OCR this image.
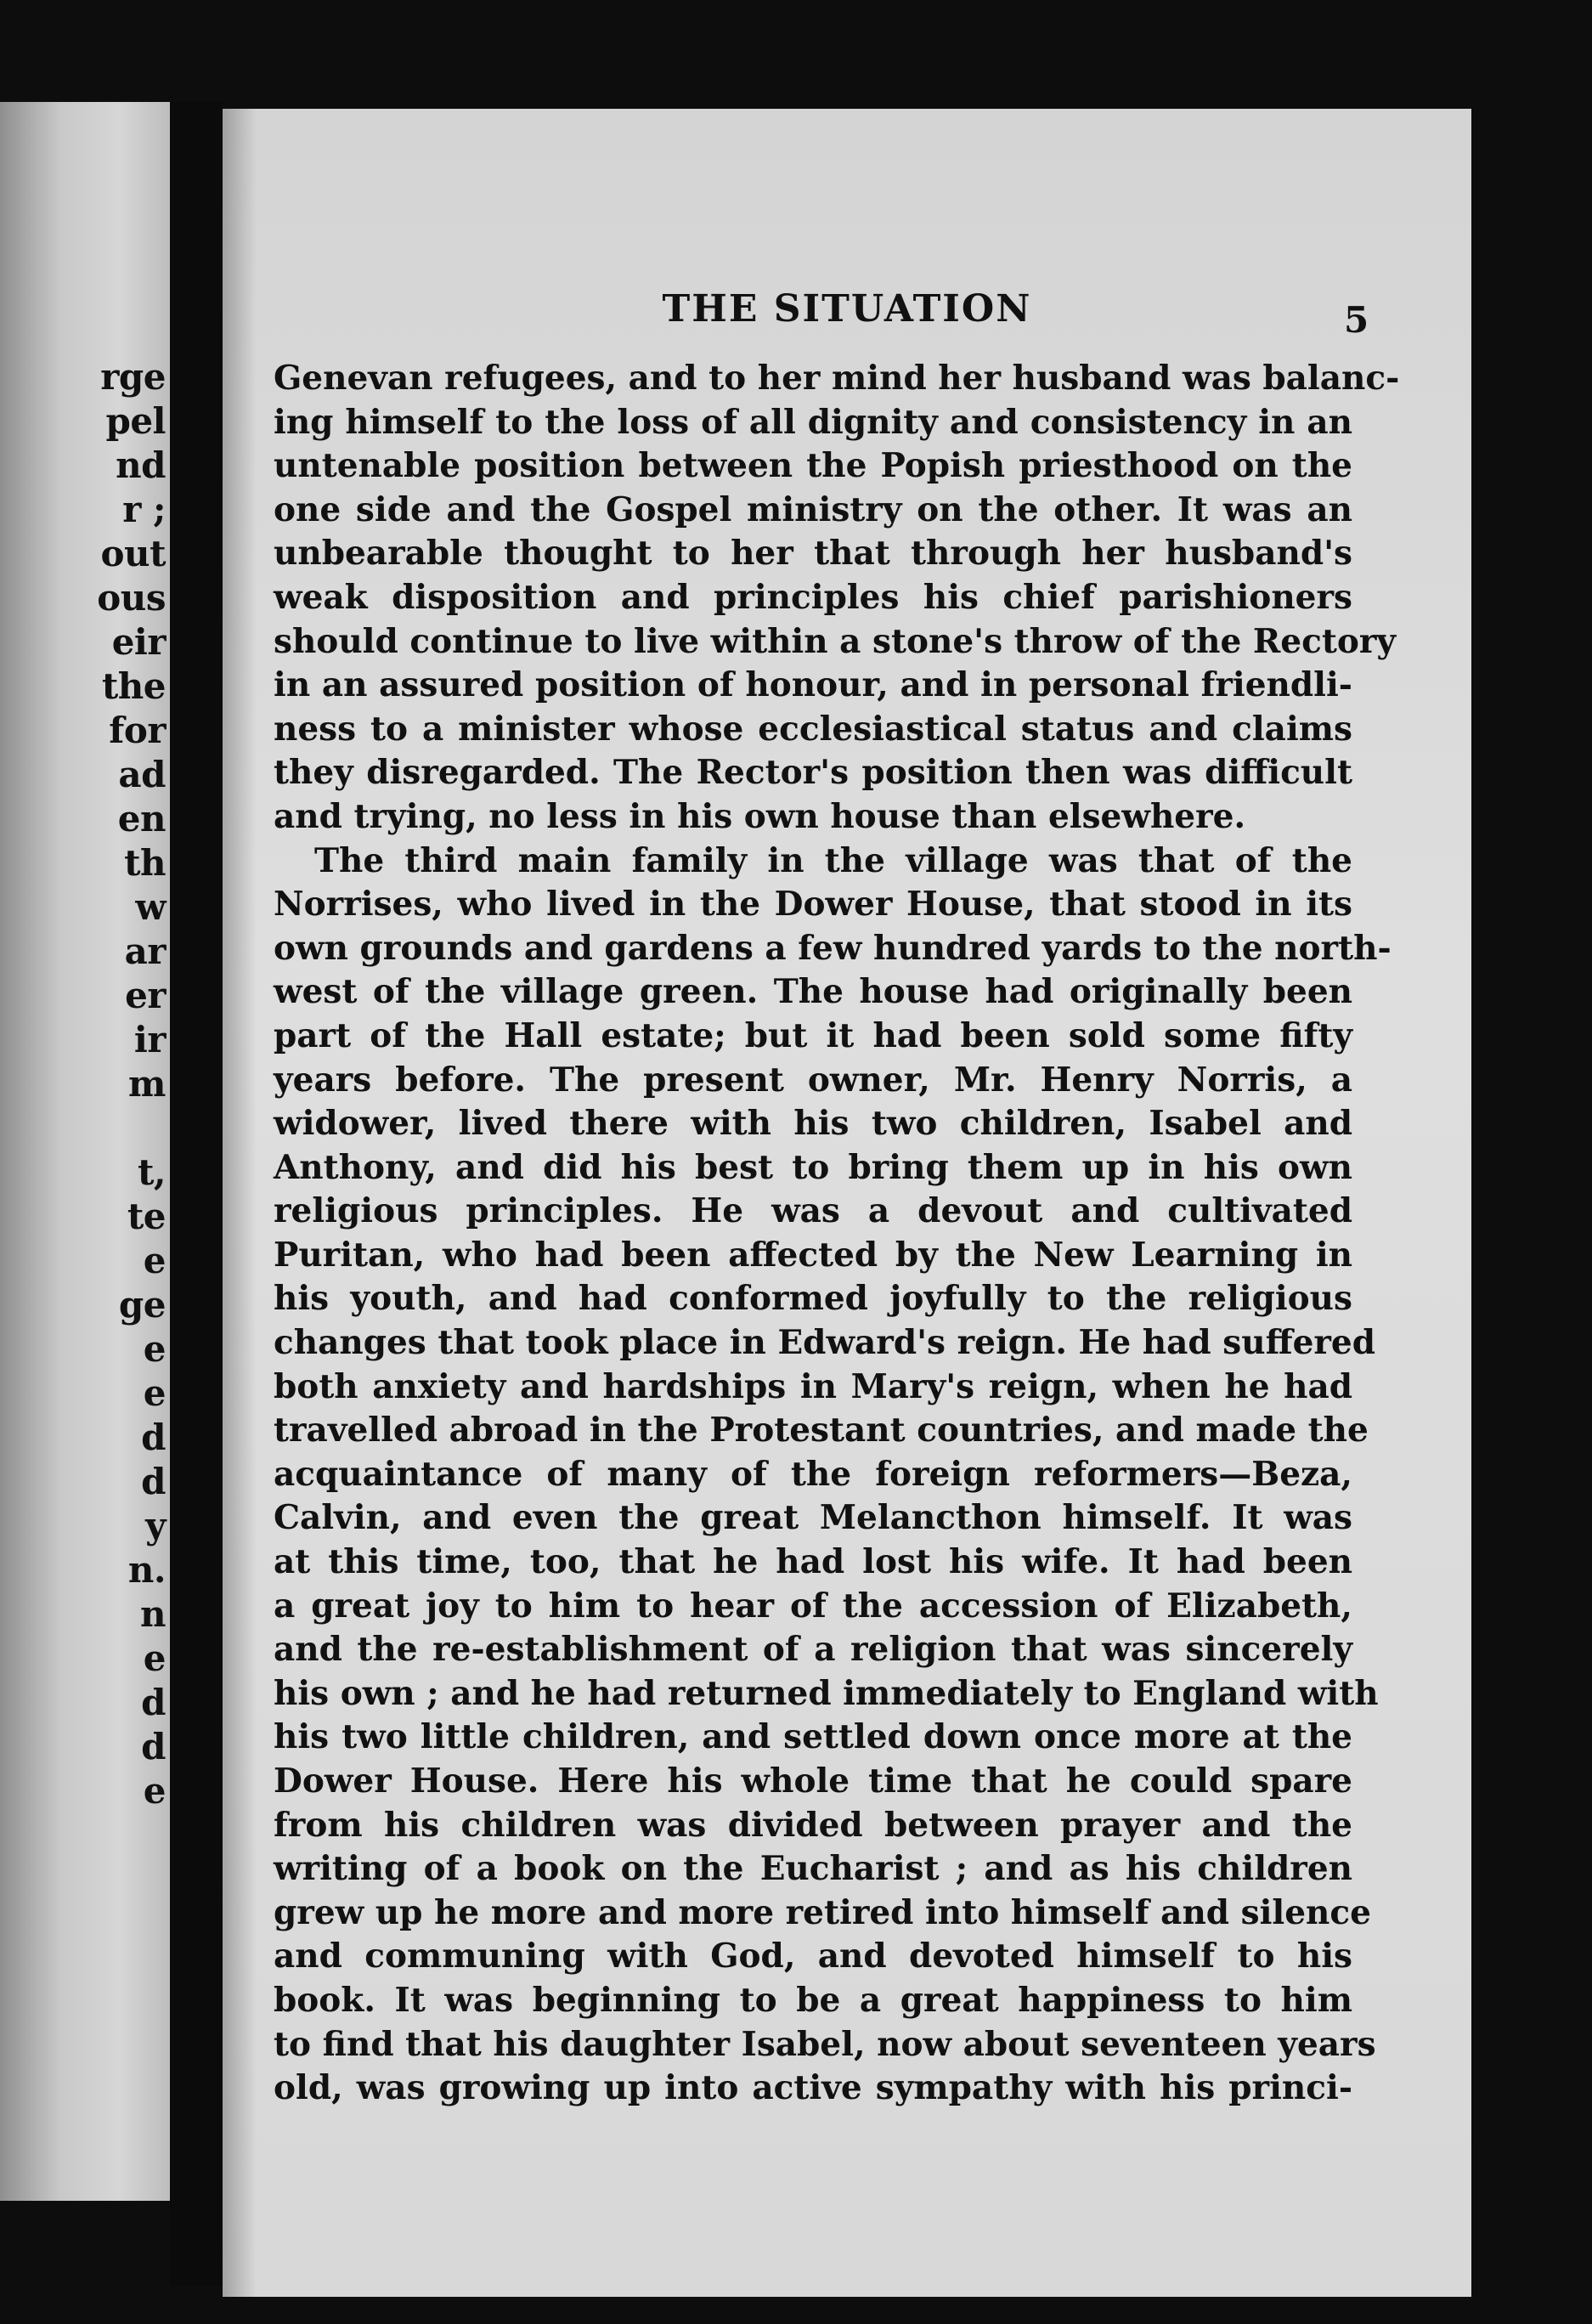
rge
pel
nd
r ;
out
ous
eir
the
for
ad
en
th
w
ar
er
ir
m
t,
te
e
ge
e
e
d
d
y
n.
n
e
d
d
e
THE SITUATION	5
Genevan refugees, and to her mind her husband was balanc-
ing himself to the loss of all dignity and consistency in an
untenable position between the Popish priesthood on the
one side and the Gospel ministry on the other. It was an
unbearable thought to her that through her husband's
weak disposition and principles his chief parishioners
should continue to live within a stone's throw of the Rectory
in an assured position of honour, and in personal friendli-
ness to a minister whose ecclesiastical status and claims
they disregarded. The Rector's position then was difficult
and trying, no less in his own house than elsewhere.
The third main family in the village was that of the
Norrises, who lived in the Dower House, that stood in its
own grounds and gardens a few hundred yards to the north-
west of the village green. The house had originally been
part of the Hall estate; but it had been sold some fifty
years before. The present owner, Mr. Henry Norris, a
widower, lived there with his two children, Isabel and
Anthony, and did his best to bring them up in his own
religious principles. He was a devout and cultivated
Puritan, who had been affected by the New Learning in
his youth, and had conformed joyfully to the religious
changes that took place in Edward's reign. He had suffered
both anxiety and hardships in Mary's reign, when he had
travelled abroad in the Protestant countries, and made the
acquaintance of many of the foreign reformers—Beza,
Calvin, and even the great Melancthon himself. It was
at this time, too, that he had lost his wife. It had been
a great joy to him to hear of the accession of Elizabeth,
and the re-establishment of a religion that was sincerely
his own ; and he had returned immediately to England with
his two little children, and settled down once more at the
Dower House. Here his whole time that he could spare
from his children was divided between prayer and the
writing of a book on the Eucharist ; and as his children
grew up he more and more retired into himself and silence
and communing with God, and devoted himself to his
book. It was beginning to be a great happiness to him
to find that his daughter Isabel, now about seventeen years
old, was growing up into active sympathy with his princi-
